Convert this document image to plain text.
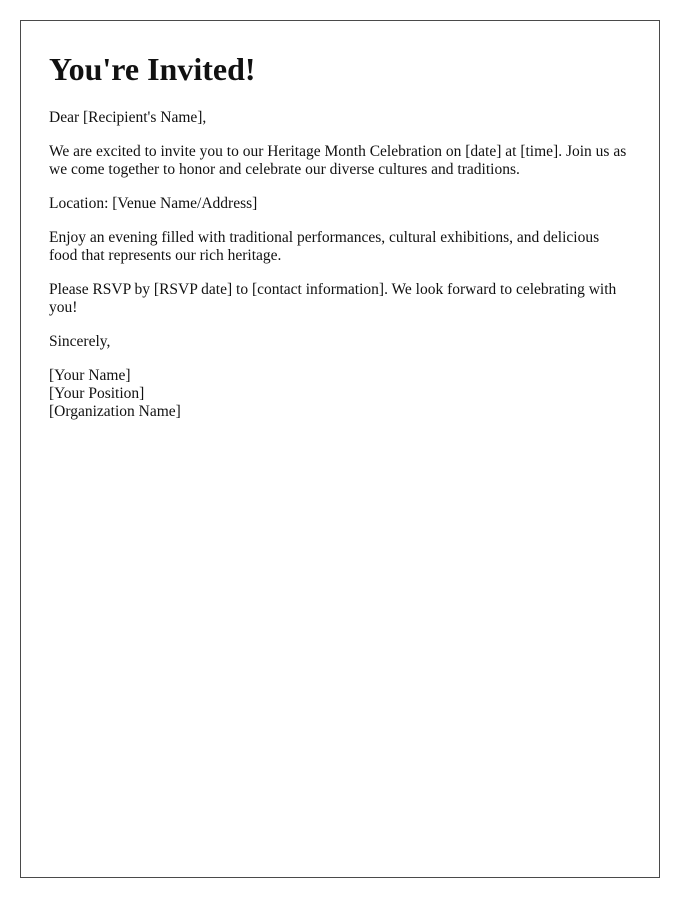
You're Invited!

Dear [Recipient's Name],

We are excited to invite you to our Heritage Month Celebration on [date] at [time]. Join us as we come together to honor and celebrate our diverse cultures and traditions.

Location: [Venue Name/Address]

Enjoy an evening filled with traditional performances, cultural exhibitions, and delicious food that represents our rich heritage.

Please RSVP by [RSVP date] to [contact information]. We look forward to celebrating with you!

Sincerely,

[Your Name]
[Your Position]
[Organization Name]
